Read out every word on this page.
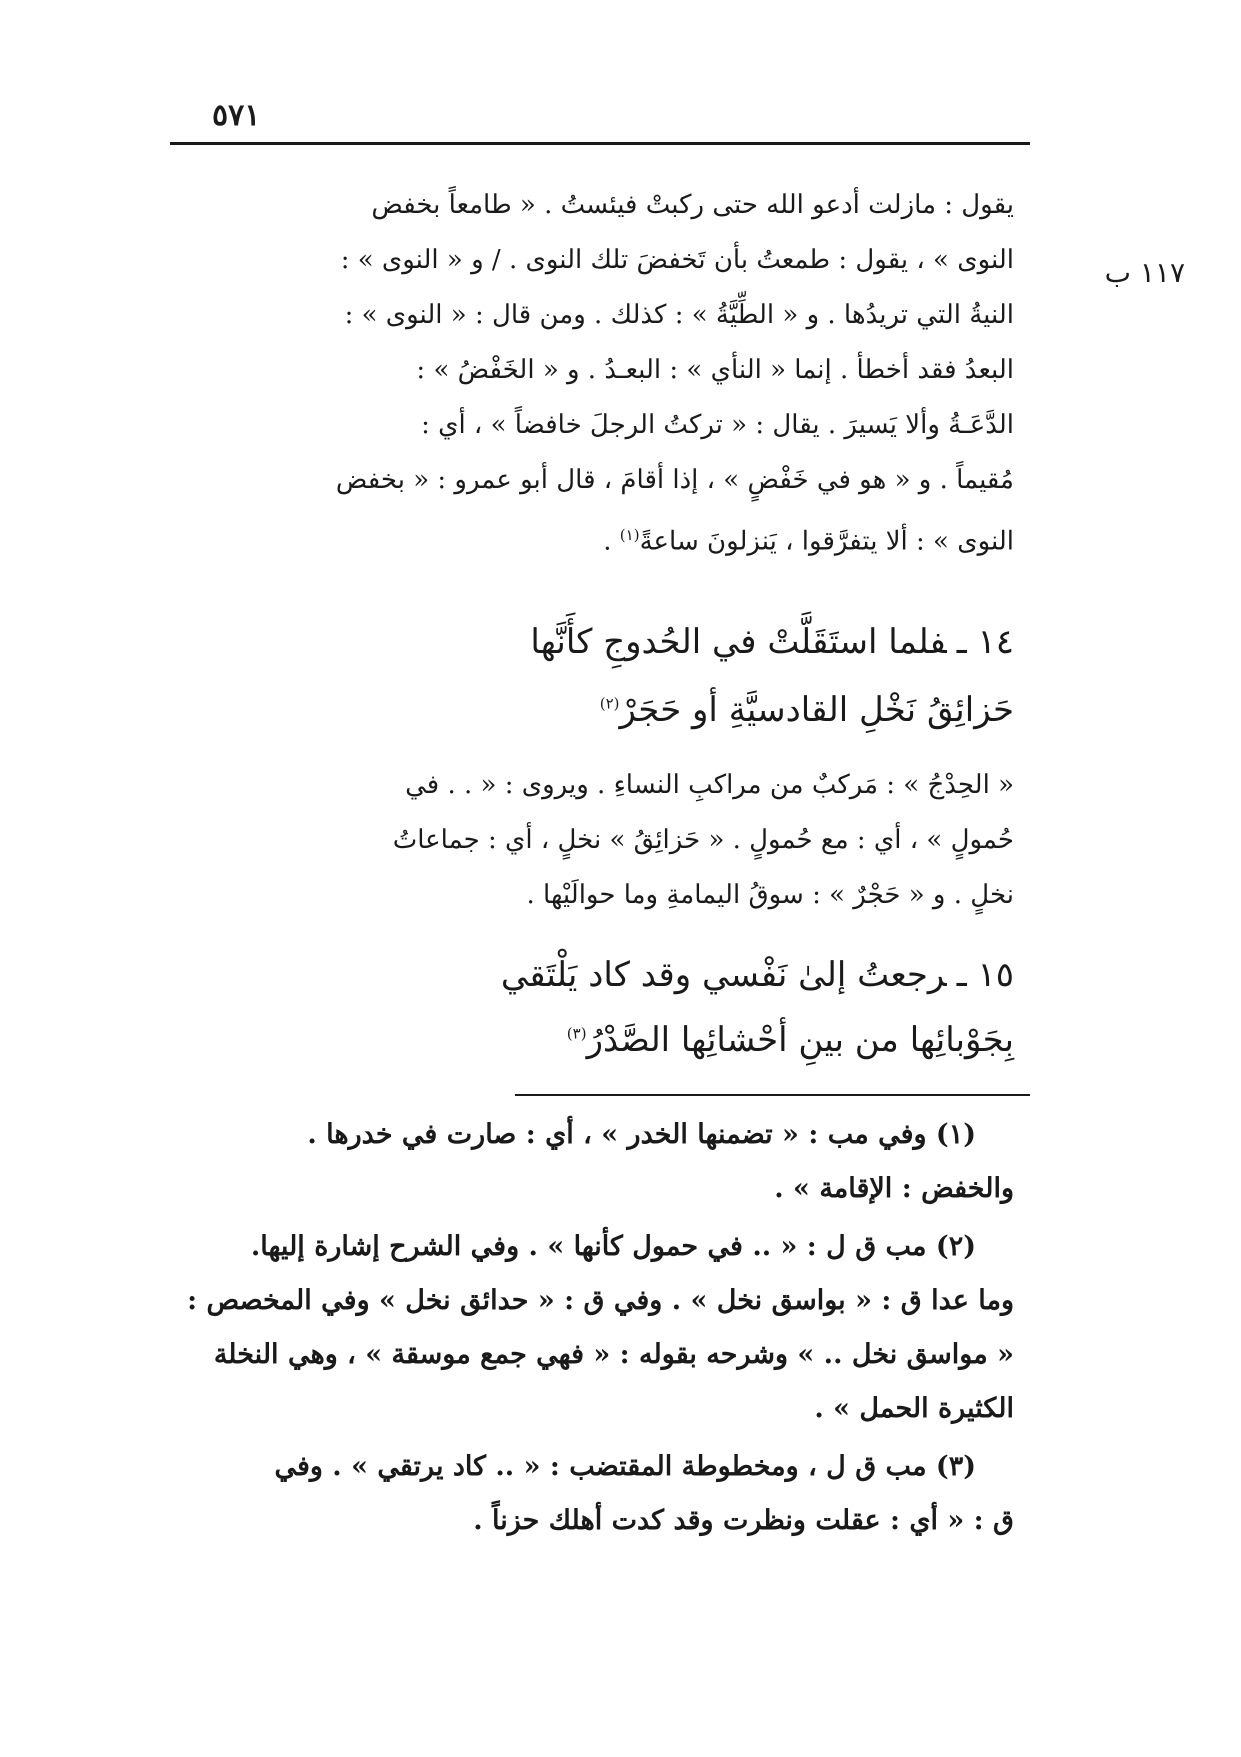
٥٧١
١١٧ ب
يقول : مازلت أدعو الله حتى ركبتْ فيئستُ . « طامعاً بخفض
النوى » ، يقول : طمعتُ بأن تَخفضَ تلك النوى . / و « النوى » :
النيةُ التي تريدُها . و « الطِّيَّةُ » : كذلك . ومن قال : « النوى » :
البعدُ فقد أخطأ . إنما « النأي » : البعـدُ . و « الخَفْضُ » :
الدَّعَـةُ وألا يَسيرَ . يقال : « تركتُ الرجلَ خافضاً » ، أي :
مُقيماً . و « هو في خَفْضٍ » ، إذا أقامَ ، قال أبو عمرو : « بخفض
النوى » : ألا يتفرَّقوا ، يَنزلونَ ساعةً$^{(١)}$ .
١٤ ـفلما استَقَلَّتْ في الحُدوجِ كأَنَّها
حَزائِقُ نَخْلِ القادسيَّةِ أو حَجَرْ$^{(٢)}$
« الحِدْجُ » : مَركبٌ من مراكبِ النساءِ . ويروى : « . . في
حُمولٍ » ، أي : مع حُمولٍ . « حَزائِقُ » نخلٍ ، أي : جماعاتُ
نخلٍ . و « حَجْرٌ » : سوقُ اليمامةِ وما حوالَيْها .
١٥ ـرجعتُ إلىٰ نَفْسي وقد كاد يَلْتَقي
بِجَوْبائِها من بينِ أحْشائِها الصَّدْرُ$^{(٣)}$
(١) وفي مب : « تضمنها الخدر » ، أي : صارت في خدرها .
والخفض : الإقامة » .
(٢) مب ق ل : « .. في حمول كأنها » . وفي الشرح إشارة إليها.
وما عدا ق : « بواسق نخل » . وفي ق : « حدائق نخل » وفي المخصص :
« مواسق نخل .. » وشرحه بقوله : « فهي جمع موسقة » ، وهي النخلة
الكثيرة الحمل » .
(٣) مب ق ل ، ومخطوطة المقتضب : « .. كاد يرتقي » . وفي
ق : « أي : عقلت ونظرت وقد كدت أهلك حزناً .
